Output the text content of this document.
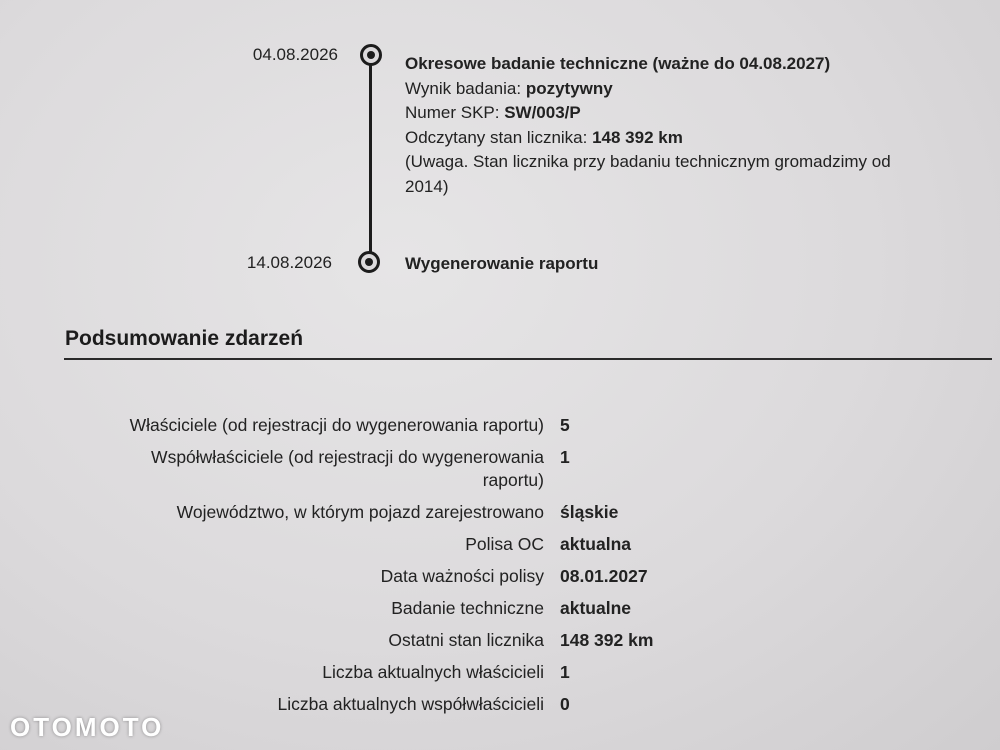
04.08.2026	Okresowe badanie techniczne (ważne do 04.08.2027)
Wynik badania: pozytywny
Numer SKP: SW/003/P
Odczytany stan licznika: 148 392 km
(Uwaga. Stan licznika przy badaniu technicznym gromadzimy od 2014)
14.08.2026	Wygenerowanie raportu
Podsumowanie zdarzeń
Właściciele (od rejestracji do wygenerowania raportu) 5
Współwłaściciele (od rejestracji do wygenerowania raportu)
1
Województwo, w którym pojazd zarejestrowano śląskie
Polisa OC aktualna
Data ważności polisy 08.01.2027
Badanie techniczne aktualne
Ostatni stan licznika 148 392 km
Liczba aktualnych właścicieli 1
Liczba aktualnych współwłaścicieli 0
OTOMOTO
